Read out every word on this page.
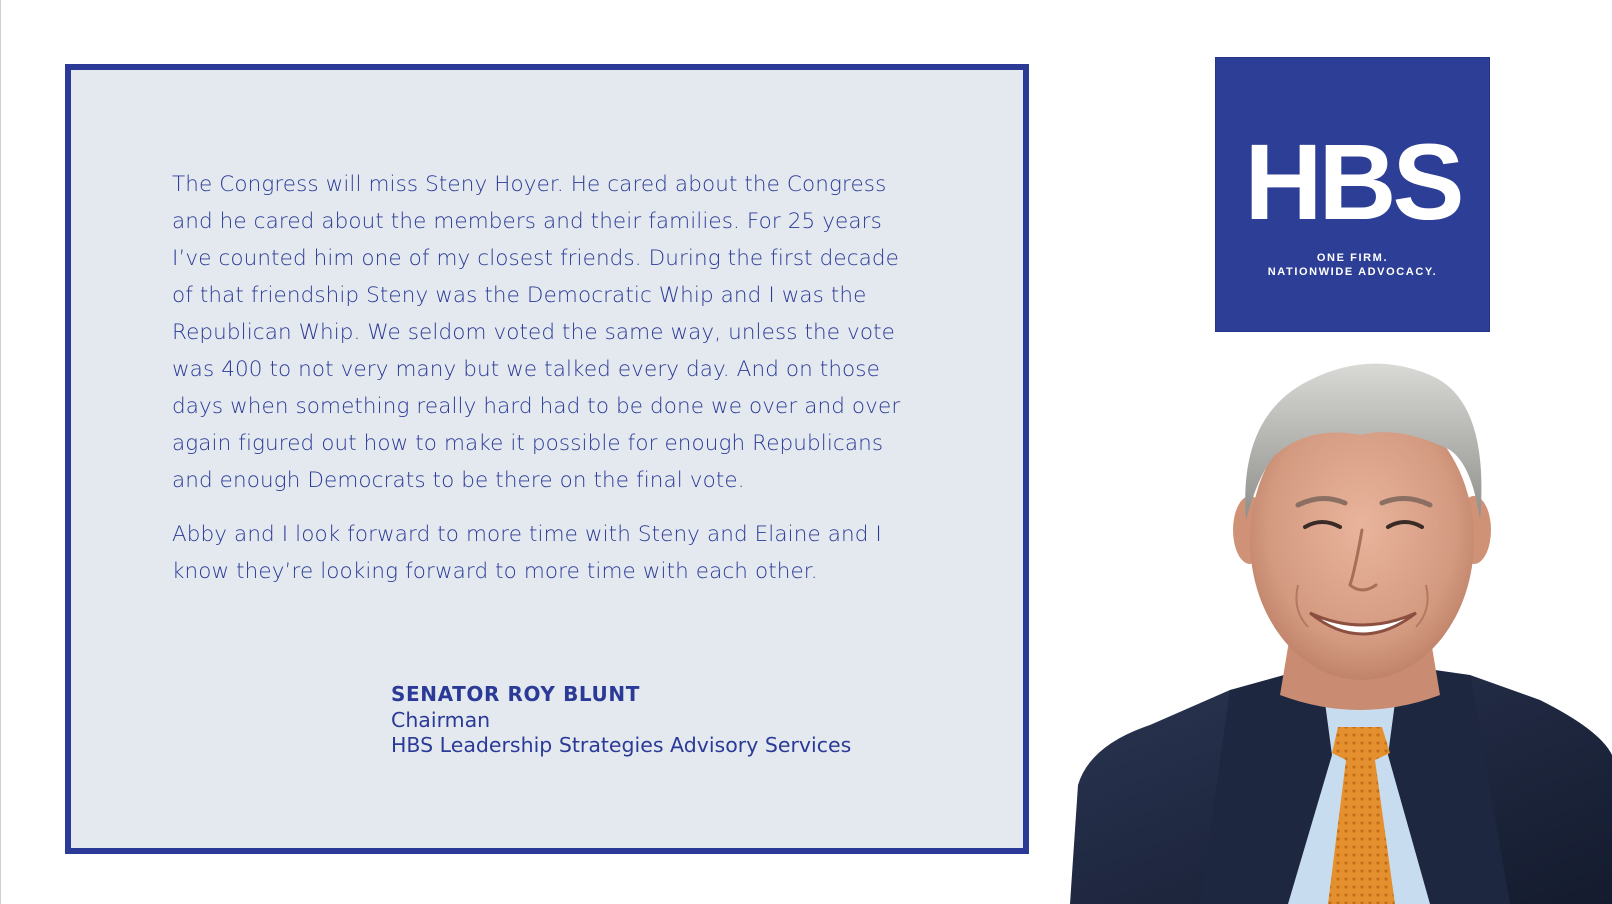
The Congress will miss Steny Hoyer. He cared about the Congress and he cared about the members and their families. For 25 years I’ve counted him one of my closest friends. During the first decade of that friendship Steny was the Democratic Whip and I was the Republican Whip. We seldom voted the same way, unless the vote was 400 to not very many but we talked every day. And on those days when something really hard had to be done we over and over again figured out how to make it possible for enough Republicans and enough Democrats to be there on the final vote.

Abby and I look forward to more time with Steny and Elaine and I know they’re looking forward to more time with each other.

SENATOR ROY BLUNT
Chairman
HBS Leadership Strategies Advisory Services
HBS
ONE FIRM.
NATIONWIDE ADVOCACY.
